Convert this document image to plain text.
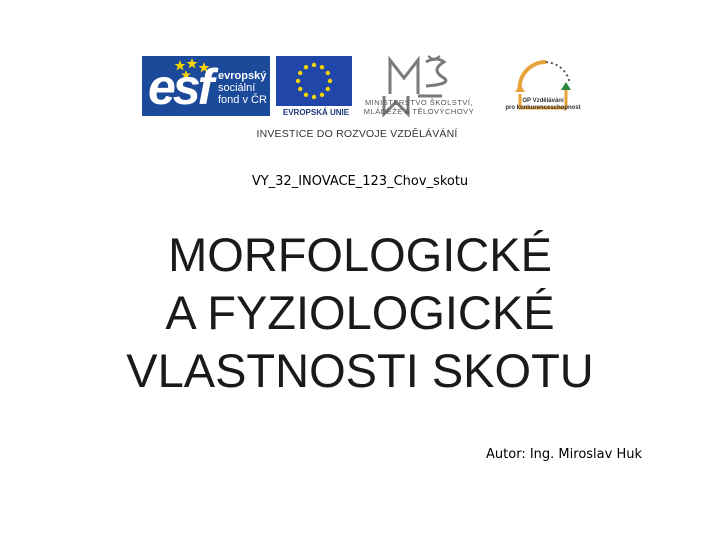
esf evropský
sociální
fond v ČR
EVROPSKÁ UNIE
MINISTERSTVO ŠKOLSTVÍ,
MLÁDEŽE A TĚLOVÝCHOVY
OP Vzdělávání
pro konkurenceschopnost
INVESTICE DO ROZVOJE VZDĚLÁVÁNÍ
VY_32_INOVACE_123_Chov_skotu
MORFOLOGICKÉ
A FYZIOLOGICKÉ
VLASTNOSTI SKOTU
Autor: Ing. Miroslav Huk
